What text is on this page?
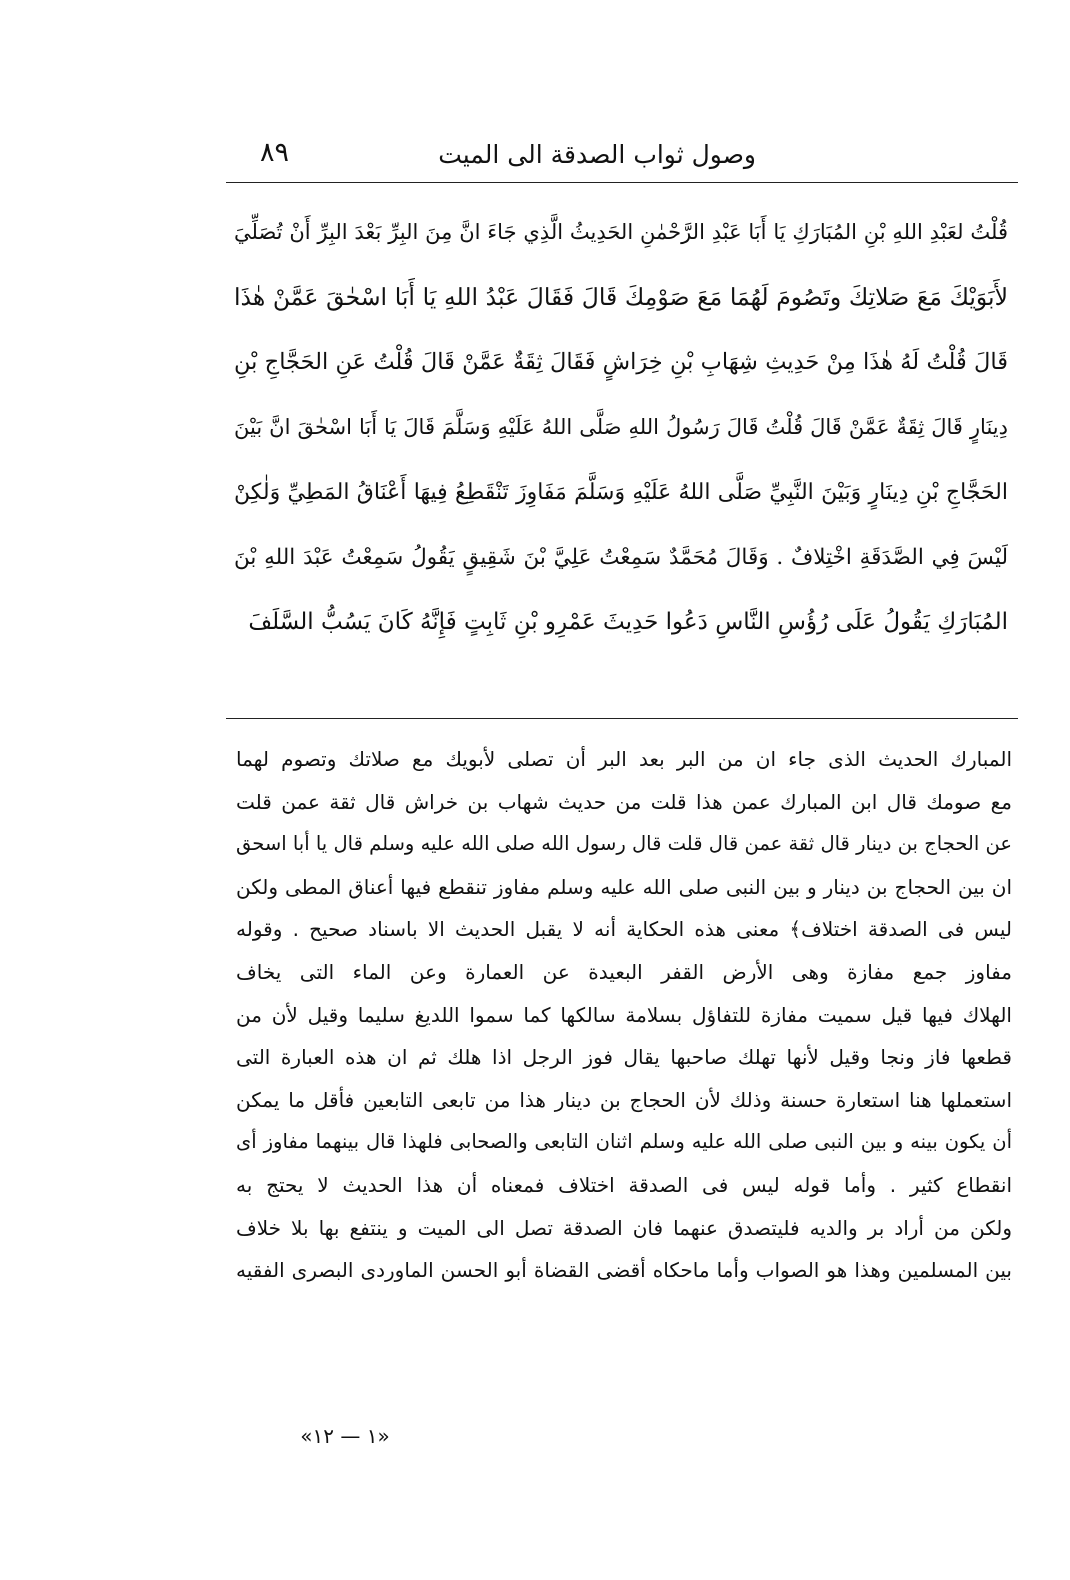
وصول ثواب الصدقة الى الميت
٨٩
قُلْتُ لعَبْدِ اللهِ بْنِ المُبَارَكِ يَا أَبَا عَبْدِ الرَّحْمٰنِ الحَدِيثُ الَّذِي جَاءَ انَّ مِنَ البِرِّ بَعْدَ البِرِّ أَنْ تُصَلِّيَ
لأَبَوَيْكَ مَعَ صَلاتِكَ وتَصُومَ لَهُمَا مَعَ صَوْمِكَ قَالَ فَقَالَ عَبْدُ اللهِ يَا أَبَا اسْحٰقَ عَمَّنْ هٰذَا
قَالَ قُلْتُ لَهُ هٰذَا مِنْ حَدِيثِ شِهَابِ بْنِ خِرَاشٍ فَقَالَ ثِقَةٌ عَمَّنْ قَالَ قُلْتُ عَنِ الحَجَّاجِ بْنِ
دِينَارٍ قَالَ ثِقَةٌ عَمَّنْ قَالَ قُلْتُ قَالَ رَسُولُ اللهِ صَلَّى اللهُ عَلَيْهِ وَسَلَّمَ قَالَ يَا أَبَا اسْحٰقَ انَّ بَيْنَ
الحَجَّاجِ بْنِ دِينَارٍ وَبَيْنَ النَّبِيِّ صَلَّى اللهُ عَلَيْهِ وَسَلَّمَ مَفَاوِزَ تَنْقَطِعُ فِيهَا أَعْنَاقُ المَطِيِّ وَلٰكِنْ
لَيْسَ فِي الصَّدَقَةِ اخْتِلافٌ . وَقَالَ مُحَمَّدٌ سَمِعْتُ عَلِيَّ بْنَ شَقِيقٍ يَقُولُ سَمِعْتُ عَبْدَ اللهِ بْنَ
المُبَارَكِ يَقُولُ عَلَى رُؤُسِ النَّاسِ دَعُوا حَدِيثَ عَمْرِو بْنِ ثَابِتٍ فَإِنَّهُ كَانَ يَسُبُّ السَّلَفَ
المبارك الحديث الذى جاء ان من البر بعد البر أن تصلى لأبويك مع صلاتك وتصوم لهما
مع صومك قال ابن المبارك عمن هذا قلت من حديث شهاب بن خراش قال ثقة عمن قلت
عن الحجاج بن دينار قال ثقة عمن قال قلت قال رسول الله صلى الله عليه وسلم قال يا أبا اسحق
ان بين الحجاج بن دينار و بين النبى صلى الله عليه وسلم مفاوز تنقطع فيها أعناق المطى ولكن
ليس فى الصدقة اختلاف﴾ معنى هذه الحكاية أنه لا يقبل الحديث الا باسناد صحيح . وقوله
مفاوز جمع مفازة وهى الأرض القفر البعيدة عن العمارة وعن الماء التى يخاف
الهلاك فيها قيل سميت مفازة للتفاؤل بسلامة سالكها كما سموا اللديغ سليما وقيل لأن من
قطعها فاز ونجا وقيل لأنها تهلك صاحبها يقال فوز الرجل اذا هلك ثم ان هذه العبارة التى
استعملها هنا استعارة حسنة وذلك لأن الحجاج بن دينار هذا من تابعى التابعين فأقل ما يمكن
أن يكون بينه و بين النبى صلى الله عليه وسلم اثنان التابعى والصحابى فلهذا قال بينهما مفاوز أى
انقطاع كثير . وأما قوله ليس فى الصدقة اختلاف فمعناه أن هذا الحديث لا يحتج به
ولكن من أراد بر والديه فليتصدق عنهما فان الصدقة تصل الى الميت و ينتفع بها بلا خلاف
بين المسلمين وهذا هو الصواب وأما ماحكاه أقضى القضاة أبو الحسن الماوردى البصرى الفقيه
«١ — ١٢»
